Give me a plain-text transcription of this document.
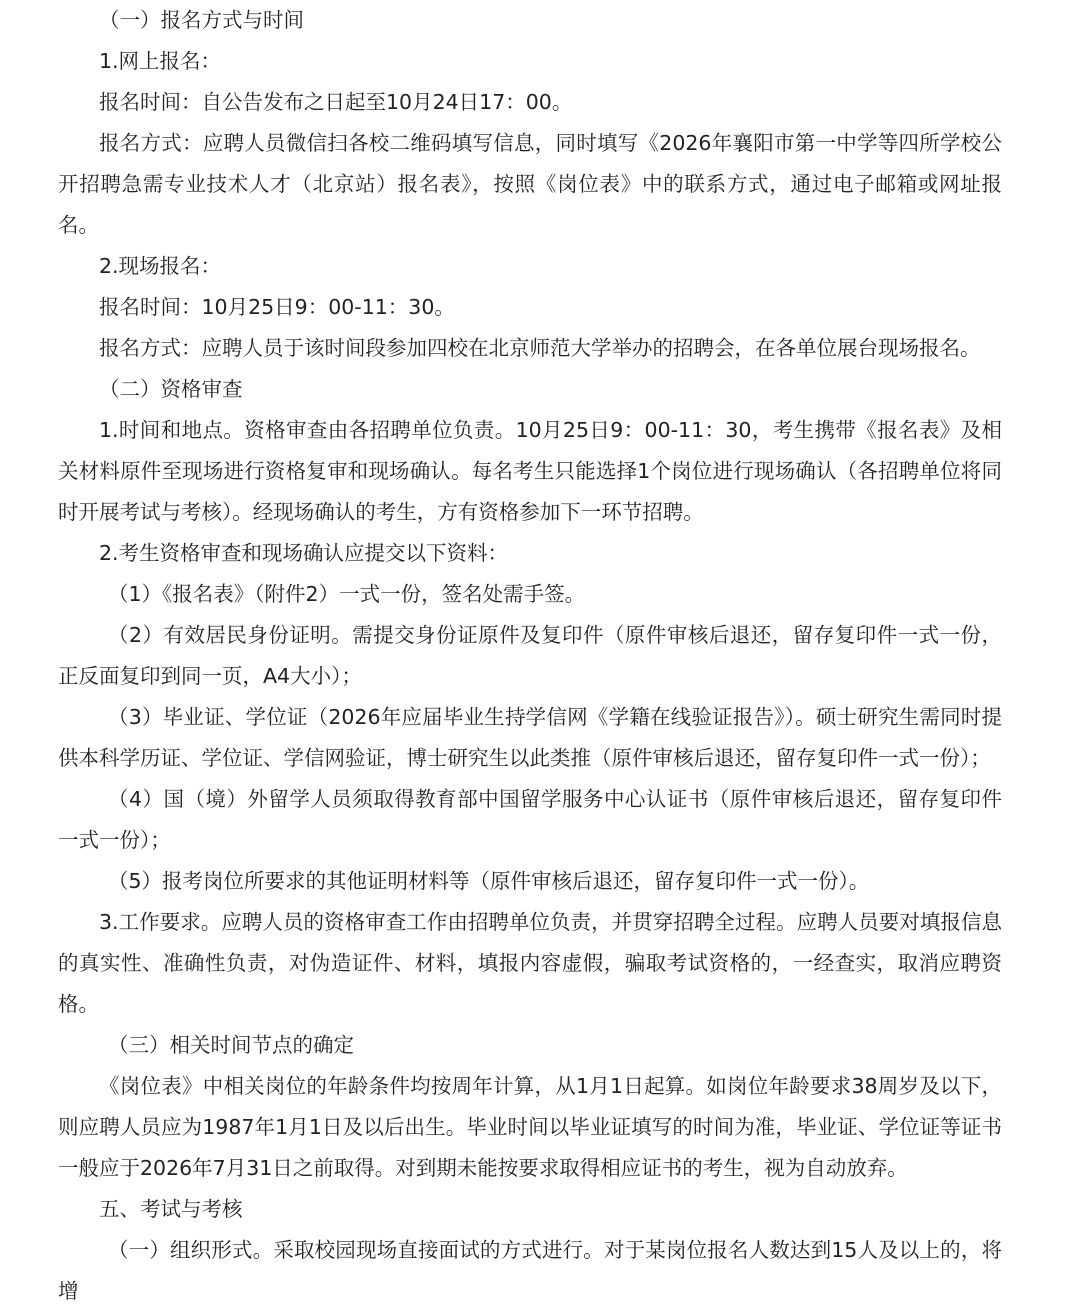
（一）报名方式与时间

1.网上报名：

报名时间：自公告发布之日起至10月24日17：00。

报名方式：应聘人员微信扫各校二维码填写信息，同时填写《2026年襄阳市第一中学等四所学校公开招聘急需专业技术人才（北京站）报名表》，按照《岗位表》中的联系方式，通过电子邮箱或网址报名。

2.现场报名：

报名时间：10月25日9：00-11：30。

报名方式：应聘人员于该时间段参加四校在北京师范大学举办的招聘会，在各单位展台现场报名。

（二）资格审查

1.时间和地点。资格审查由各招聘单位负责。10月25日9：00-11：30，考生携带《报名表》及相关材料原件至现场进行资格复审和现场确认。每名考生只能选择1个岗位进行现场确认（各招聘单位将同时开展考试与考核）。经现场确认的考生，方有资格参加下一环节招聘。

2.考生资格审查和现场确认应提交以下资料：

（1）《报名表》（附件2）一式一份，签名处需手签。

（2）有效居民身份证明。需提交身份证原件及复印件（原件审核后退还，留存复印件一式一份，正反面复印到同一页，A4大小）；

（3）毕业证、学位证（2026年应届毕业生持学信网《学籍在线验证报告》）。硕士研究生需同时提供本科学历证、学位证、学信网验证，博士研究生以此类推（原件审核后退还，留存复印件一式一份）；

（4）国（境）外留学人员须取得教育部中国留学服务中心认证书（原件审核后退还，留存复印件一式一份）；

（5）报考岗位所要求的其他证明材料等（原件审核后退还，留存复印件一式一份）。

3.工作要求。应聘人员的资格审查工作由招聘单位负责，并贯穿招聘全过程。应聘人员要对填报信息的真实性、准确性负责，对伪造证件、材料，填报内容虚假，骗取考试资格的，一经查实，取消应聘资格。

（三）相关时间节点的确定

《岗位表》中相关岗位的年龄条件均按周年计算，从1月1日起算。如岗位年龄要求38周岁及以下，则应聘人员应为1987年1月1日及以后出生。毕业时间以毕业证填写的时间为准，毕业证、学位证等证书一般应于2026年7月31日之前取得。对到期未能按要求取得相应证书的考生，视为自动放弃。

五、考试与考核

（一）组织形式。采取校园现场直接面试的方式进行。对于某岗位报名人数达到15人及以上的，将增
